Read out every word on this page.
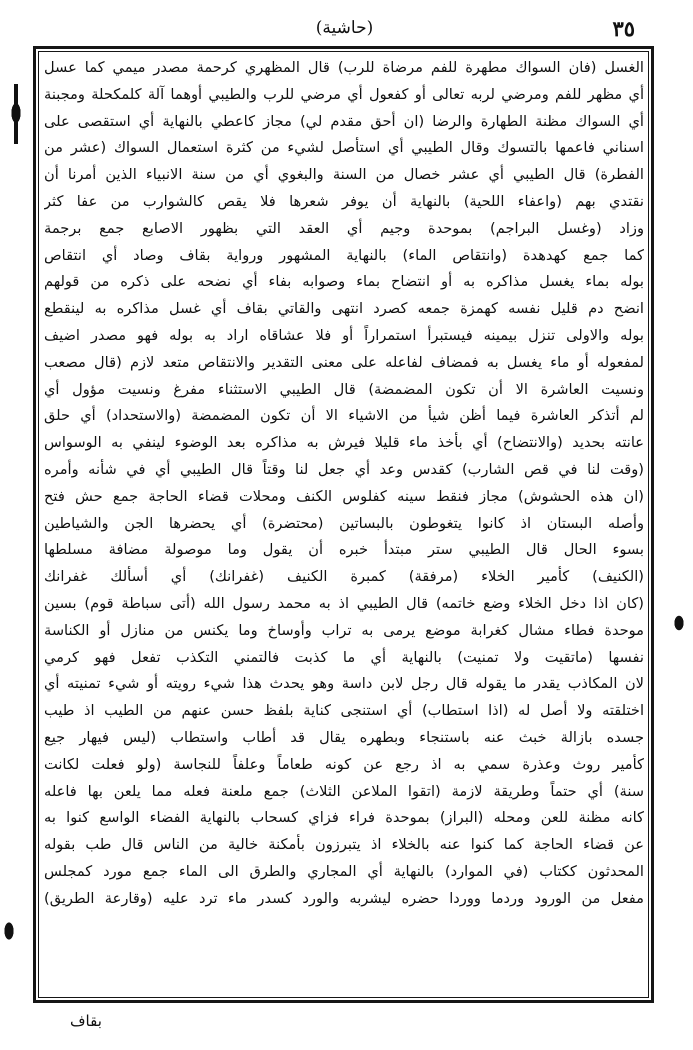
٣٥
(حاشية)
الغسل (فان السواك مطهرة للفم مرضاة للرب) قال المظهري كرحمة مصدر ميمي كما عسل
أي مظهر للفم ومرضي لربه تعالى أو كفعول أي مرضي للرب والطيبي أوهما آلة كلمكحلة ومجبنة
أي السواك مظنة الطهارة والرضا (ان أحق مقدم لي) مجاز كاعطي بالنهاية أي استقصى على
اسناني فاعمها بالتسوك وقال الطيبي أي استأصل لشيء من كثرة استعمال السواك (عشر من
الفطرة) قال الطيبي أي عشر خصال من السنة والبغوي أي من سنة الانبياء الذين أمرنا أن
نقتدي بهم (واعفاء اللحية) بالنهاية أن يوفر شعرها فلا يقص كالشوارب من عفا كثر
وزاد (وغسل البراجم) بموحدة وجيم أي العقد التي بظهور الاصابع جمع برجمة
كما جمع كهدهدة (وانتقاص الماء) بالنهاية المشهور ورواية بقاف وصاد أي انتقاص
بوله بماء يغسل مذاكره به أو انتضاح بماء وصوابه بفاء أي نضحه على ذكره من قولهم
انضح دم قليل نفسه كهمزة جمعه كصرد انتهى والقاتي بقاف أي غسل مذاكره به لينقطع
بوله والاولى تنزل بيمينه فيستبرأ استمراراً أو فلا عشاقاه اراد به بوله فهو مصدر اضيف
لمفعوله أو ماء يغسل به فمضاف لفاعله على معنى التقدير والانتقاص متعد لازم (قال مصعب
ونسيت العاشرة الا أن تكون المضمضة) قال الطيبي الاستثناء مفرغ ونسيت مؤول أي
لم أتذكر العاشرة فيما أظن شيأ من الاشياء الا أن تكون المضمضة (والاستحداد) أي حلق
عانته بحديد (والانتضاح) أي بأخذ ماء قليلا فيرش به مذاكره بعد الوضوء لينفي به الوسواس
(وقت لنا في قص الشارب) كقدس وعد أي جعل لنا وقتاً قال الطيبي أي في شأنه وأمره
(ان هذه الحشوش) مجاز فنقط سينه كفلوس الكنف ومحلات قضاء الحاجة جمع حش فتح
وأصله البستان اذ كانوا يتغوطون بالبساتين (محتضرة) أي يحضرها الجن والشياطين
بسوء الحال قال الطيبي ستر مبتدأ خبره أن يقول وما موصولة مضافة مسلطها
(الكنيف) كأمير الخلاء (مرفقة) كمبرة الكنيف (غفرانك) أي أسألك غفرانك
(كان اذا دخل الخلاء وضع خاتمه) قال الطيبي اذ به محمد رسول الله (أتى سباطة قوم) بسين
موحدة فطاء مشال كغرابة موضع يرمى به تراب وأوساخ وما يكنس من منازل أو الكناسة
نفسها (ماتقيت ولا تمنيت) بالنهاية أي ما كذبت فالتمني التكذب تفعل فهو كرمي
لان المكاذب يقدر ما يقوله قال رجل لابن داسة وهو يحدث هذا شيء رويته أو شيء تمنيته أي
اختلقته ولا أصل له (اذا استطاب) أي استنجى كناية بلفظ حسن عنهم من الطيب اذ طيب
جسده بازالة خبث عنه باستنجاء وبطهره يقال قد أطاب واستطاب (ليس فيهار جيع
كأمير روث وعذرة سمي به اذ رجع عن كونه طعاماً وعلفاً للنجاسة (ولو فعلت لكانت
سنة) أي حتماً وطريقة لازمة (اتقوا الملاعن الثلاث) جمع ملعنة فعله مما يلعن بها فاعله
كانه مظنة للعن ومحله (البراز) بموحدة فراء فزاي كسحاب بالنهاية الفضاء الواسع كنوا به
عن قضاء الحاجة كما كنوا عنه بالخلاء اذ يتبرزون بأمكنة خالية من الناس قال طب بقوله
المحدثون ككتاب (في الموارد) بالنهاية أي المجاري والطرق الى الماء جمع مورد كمجلس
مفعل من الورود وردما ووردا حضره ليشربه والورد كسدر ماء ترد عليه (وقارعة الطريق)
بقاف
